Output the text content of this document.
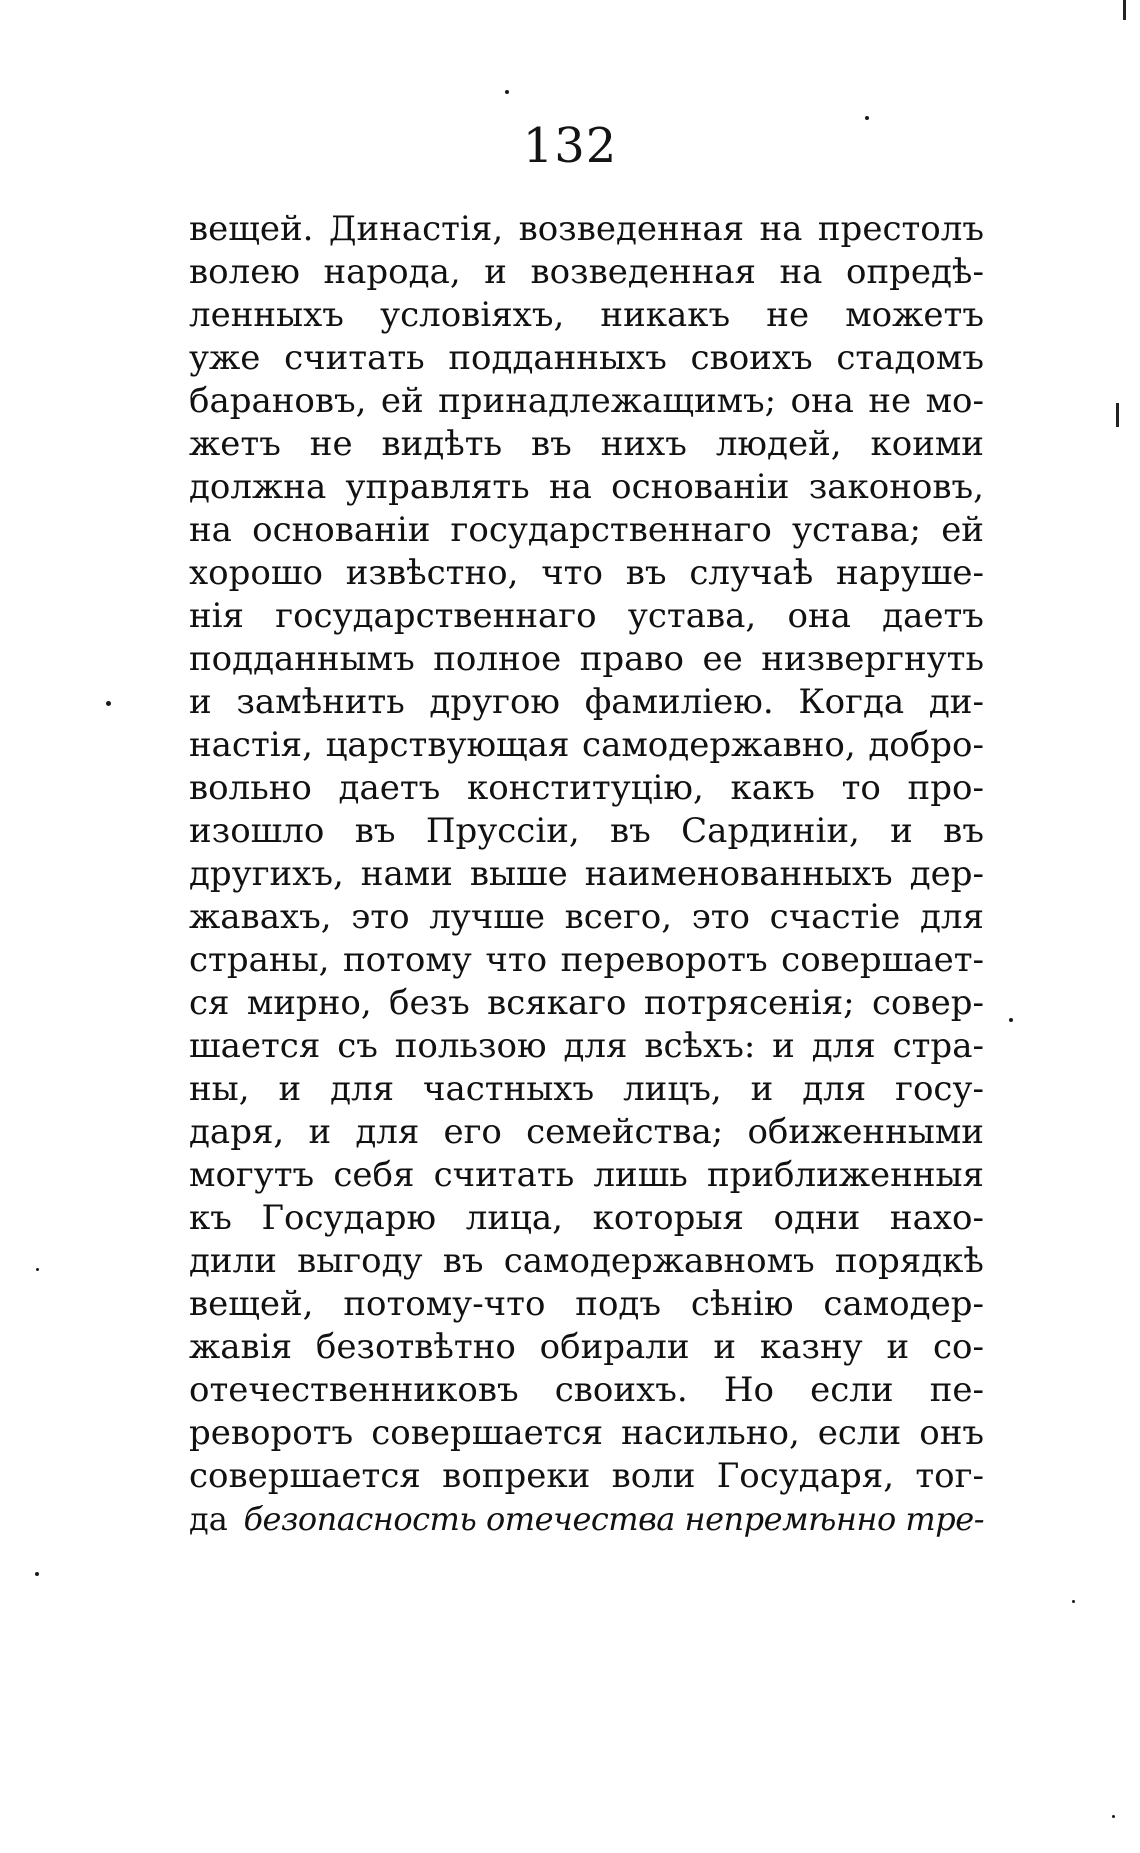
132
вещей. Династія, возведенная на престолъ
волею народа, и возведенная на опредѣ-
ленныхъ условіяхъ, никакъ не можетъ
уже считать подданныхъ своихъ стадомъ
барановъ, ей принадлежащимъ; она не мо-
жетъ не видѣть въ нихъ людей, коими
должна управлять на основаніи законовъ,
на основаніи государственнаго устава; ей
хорошо извѣстно, что въ случаѣ наруше-
нія государственнаго устава, она даетъ
подданнымъ полное право ее низвергнуть
и замѣнить другою фамиліею. Когда ди-
настія, царствующая самодержавно, добро-
вольно даетъ конституцію, какъ то про-
изошло въ Пруссіи, въ Сардиніи, и въ
другихъ, нами выше наименованныхъ дер-
жавахъ, это лучше всего, это счастіе для
страны, потому что переворотъ совершает-
ся мирно, безъ всякаго потрясенія; совер-
шается съ пользою для всѣхъ: и для стра-
ны, и для частныхъ лицъ, и для госу-
даря, и для его семейства; обиженными
могутъ себя считать лишь приближенныя
къ Государю лица, которыя одни нахо-
дили выгоду въ самодержавномъ порядкѣ
вещей, потому-что подъ сѣнію самодер-
жавія безотвѣтно обирали и казну и со-
отечественниковъ своихъ. Но если пе-
реворотъ совершается насильно, если онъ
совершается вопреки воли Государя, тог-
да безопасность отечества непремѣнно тре-
